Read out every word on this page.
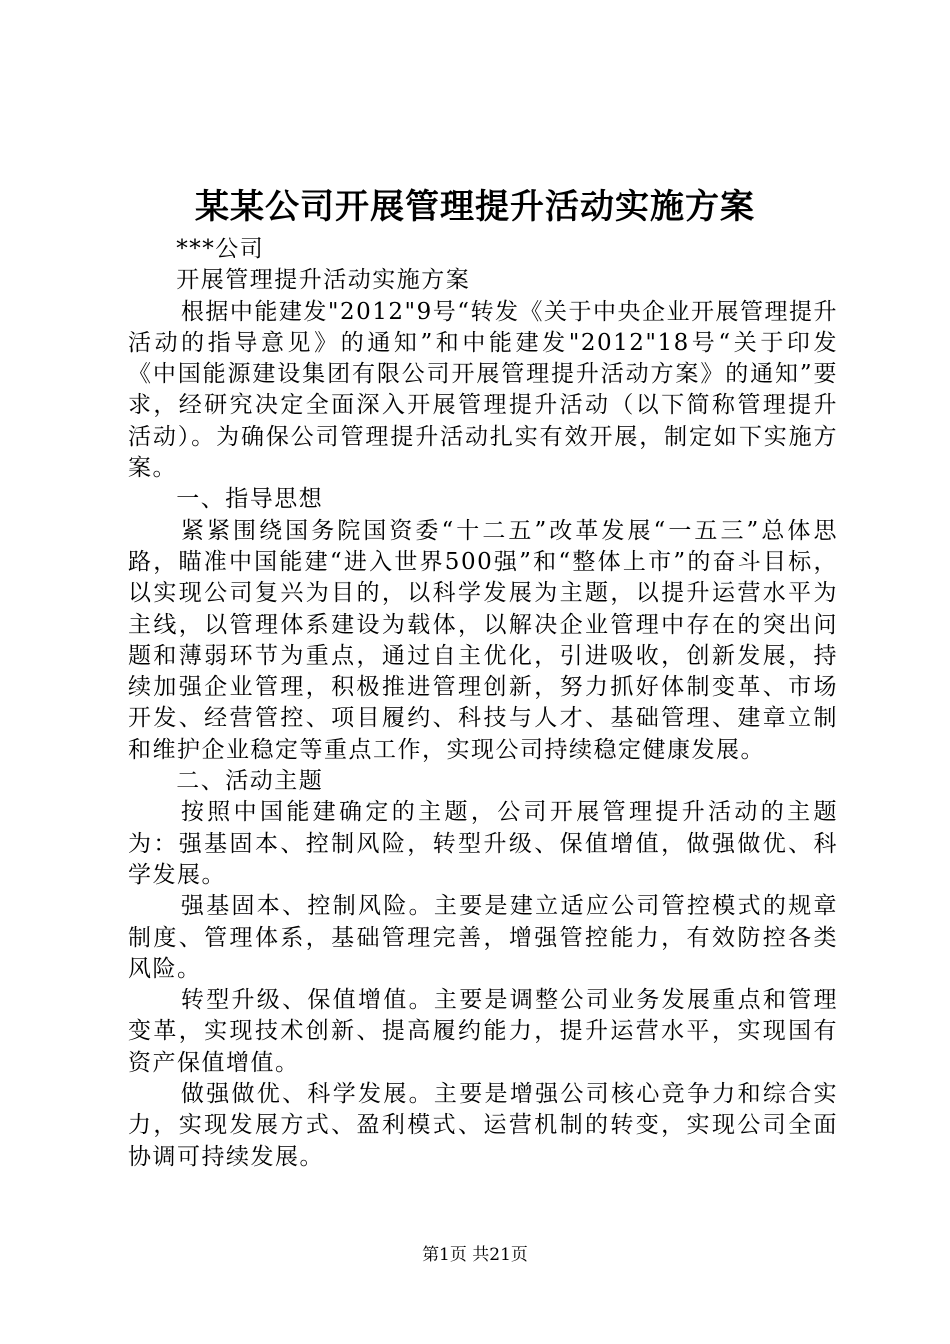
某某公司开展管理提升活动实施方案

***公司

开展管理提升活动实施方案

根据中能建发"2012"9号“转发《关于中央企业开展管理提升活动的指导意见》的通知”和中能建发"2012"18号“关于印发《中国能源建设集团有限公司开展管理提升活动方案》的通知”要求，经研究决定全面深入开展管理提升活动（以下简称管理提升活动）。为确保公司管理提升活动扎实有效开展，制定如下实施方案。

一、指导思想

紧紧围绕国务院国资委“十二五”改革发展“一五三”总体思路，瞄准中国能建“进入世界500强”和“整体上市”的奋斗目标，以实现公司复兴为目的，以科学发展为主题，以提升运营水平为主线，以管理体系建设为载体，以解决企业管理中存在的突出问题和薄弱环节为重点，通过自主优化，引进吸收，创新发展，持续加强企业管理，积极推进管理创新，努力抓好体制变革、市场开发、经营管控、项目履约、科技与人才、基础管理、建章立制和维护企业稳定等重点工作，实现公司持续稳定健康发展。

二、活动主题

按照中国能建确定的主题，公司开展管理提升活动的主题为：强基固本、控制风险，转型升级、保值增值，做强做优、科学发展。

强基固本、控制风险。主要是建立适应公司管控模式的规章制度、管理体系，基础管理完善，增强管控能力，有效防控各类风险。

转型升级、保值增值。主要是调整公司业务发展重点和管理变革，实现技术创新、提高履约能力，提升运营水平，实现国有资产保值增值。

做强做优、科学发展。主要是增强公司核心竞争力和综合实力，实现发展方式、盈利模式、运营机制的转变，实现公司全面协调可持续发展。

第1页 共21页
